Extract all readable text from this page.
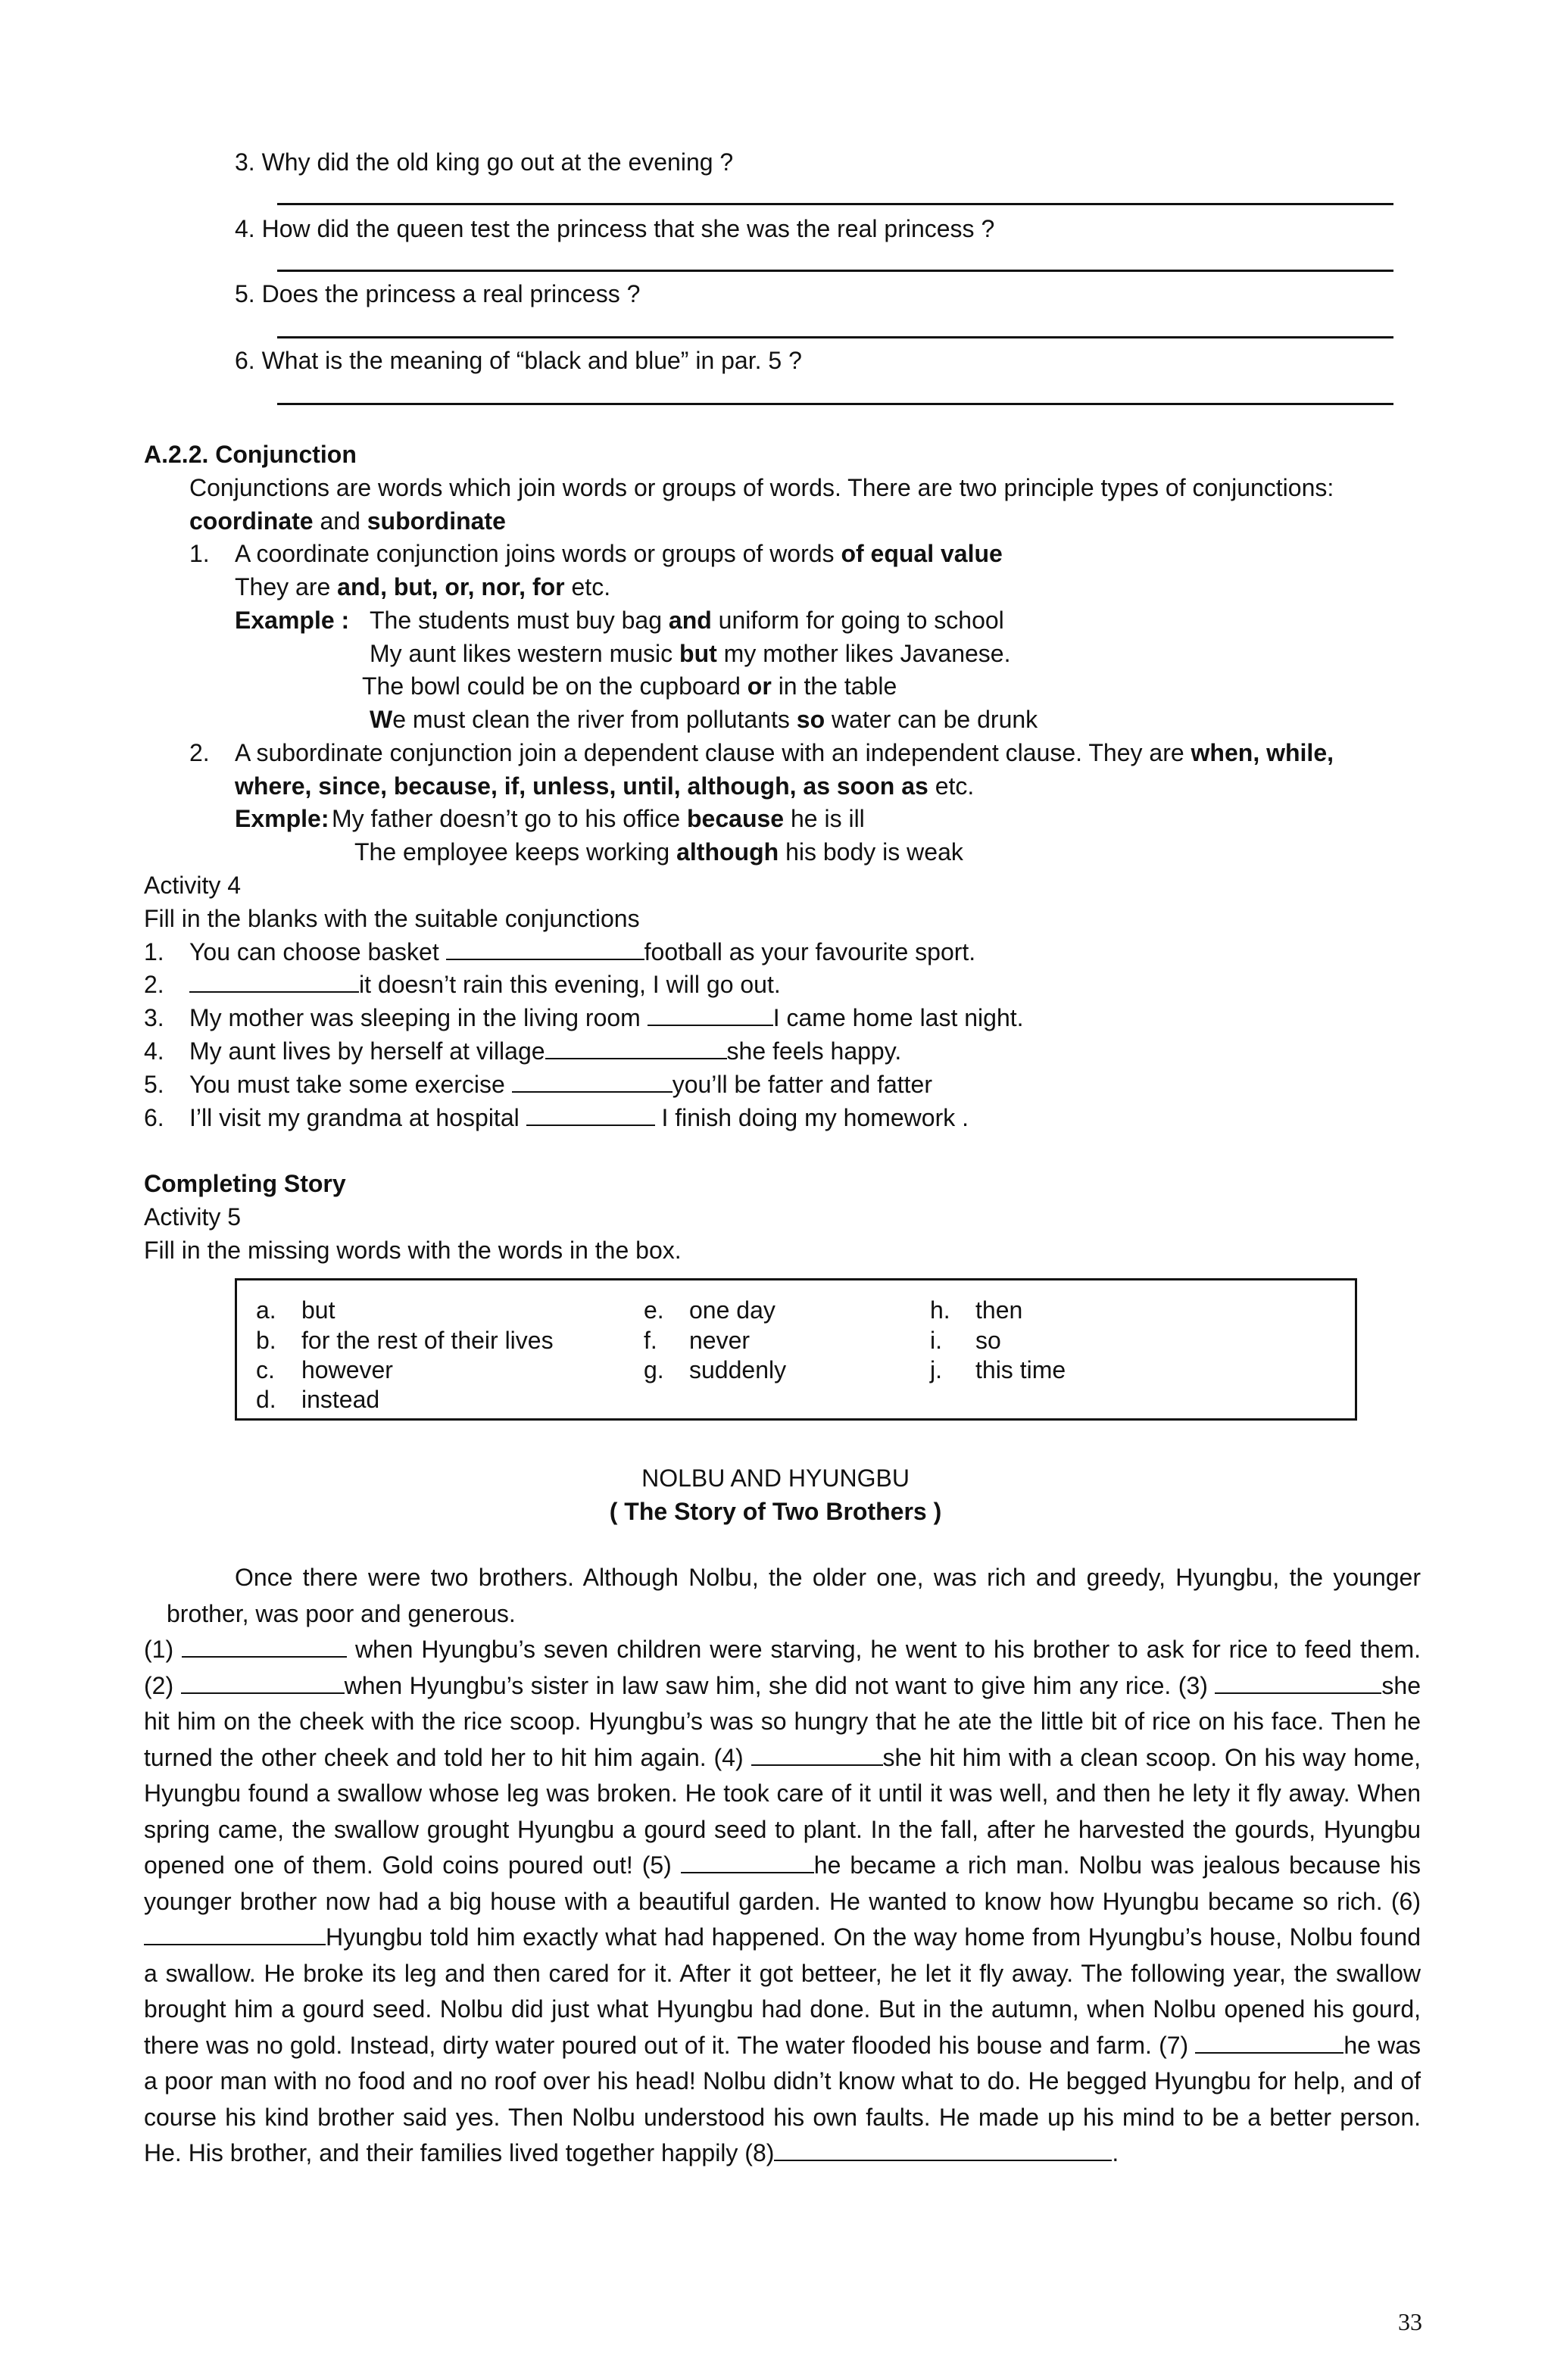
3. Why did the old king go out at the evening ?
4. How did the queen test the princess that she was the real princess ?
5. Does the princess a real princess ?
6. What is the meaning of “black and blue” in par. 5 ?
A.2.2. Conjunction
Conjunctions are words which join words or groups of words. There are two principle types of conjunctions:
coordinate and subordinate
1. A coordinate conjunction joins words or groups of words of equal value
They are and, but, or, nor, for etc.
Example : The students must buy bag and uniform for going to school
My aunt likes western music but my mother likes Javanese.
The bowl could be on the cupboard or in the table
We must clean the river from pollutants so water can be drunk
2. A subordinate conjunction join a dependent clause with an independent clause. They are when, while,
where, since, because, if, unless, until, although, as soon as etc.
Exmple: My father doesn’t go to his office because he is ill
The employee keeps working although his body is weak
Activity 4
Fill in the blanks with the suitable conjunctions
1. You can choose basket	football as your favourite sport.
2.	it doesn’t rain this evening, I will go out.
3. My mother was sleeping in the living room	I came home last night.
4. My aunt lives by herself at village	she feels happy.
5. You must take some exercise	you’ll be fatter and fatter
6. I’ll visit my grandma at hospital	I finish doing my homework .
Completing Story
Activity 5
Fill in the missing words with the words in the box.
a. but
b. for the rest of their lives
c. however
d. instead
e. one day
f. never
g. suddenly
h. then
i. so
j. this time
NOLBU AND HYUNGBU
( The Story of Two Brothers )

Once there were two brothers. Although Nolbu, the older one, was rich and greedy, Hyungbu, the younger brother, was poor and generous.

(1)	when Hyungbu’s seven children were starving, he went to his brother to ask for rice to feed them. (2)	when Hyungbu’s sister in law saw him, she did not want to give him any rice. (3)	she hit him on the cheek with the rice scoop. Hyungbu’s was so hungry that he ate the little bit of rice on his face. Then he turned the other cheek and told her to hit him again. (4)	she hit him with a clean scoop. On his way home, Hyungbu found a swallow whose leg was broken. He took care of it until it was well, and then he lety it fly away. When spring came, the swallow grought Hyungbu a gourd seed to plant. In the fall, after he harvested the gourds, Hyungbu opened one of them. Gold coins poured out! (5)	he became a rich man. Nolbu was jealous because his younger brother now had a big house with a beautiful garden. He wanted to know how Hyungbu became so rich. (6) Hyungbu told him exactly what had happened. On the way home from Hyungbu’s house, Nolbu found a swallow. He broke its leg and then cared for it. After it got betteer, he let it fly away. The following year, the swallow brought him a gourd seed. Nolbu did just what Hyungbu had done. But in the autumn, when Nolbu opened his gourd, there was no gold. Instead, dirty water poured out of it. The water flooded his bouse and farm. (7)	he was a poor man with no food and no roof over his head! Nolbu didn’t know what to do. He begged Hyungbu for help, and of course his kind brother said yes. Then Nolbu understood his own faults. He made up his mind to be a better person. He. His brother, and their families lived together happily (8)	.

33
